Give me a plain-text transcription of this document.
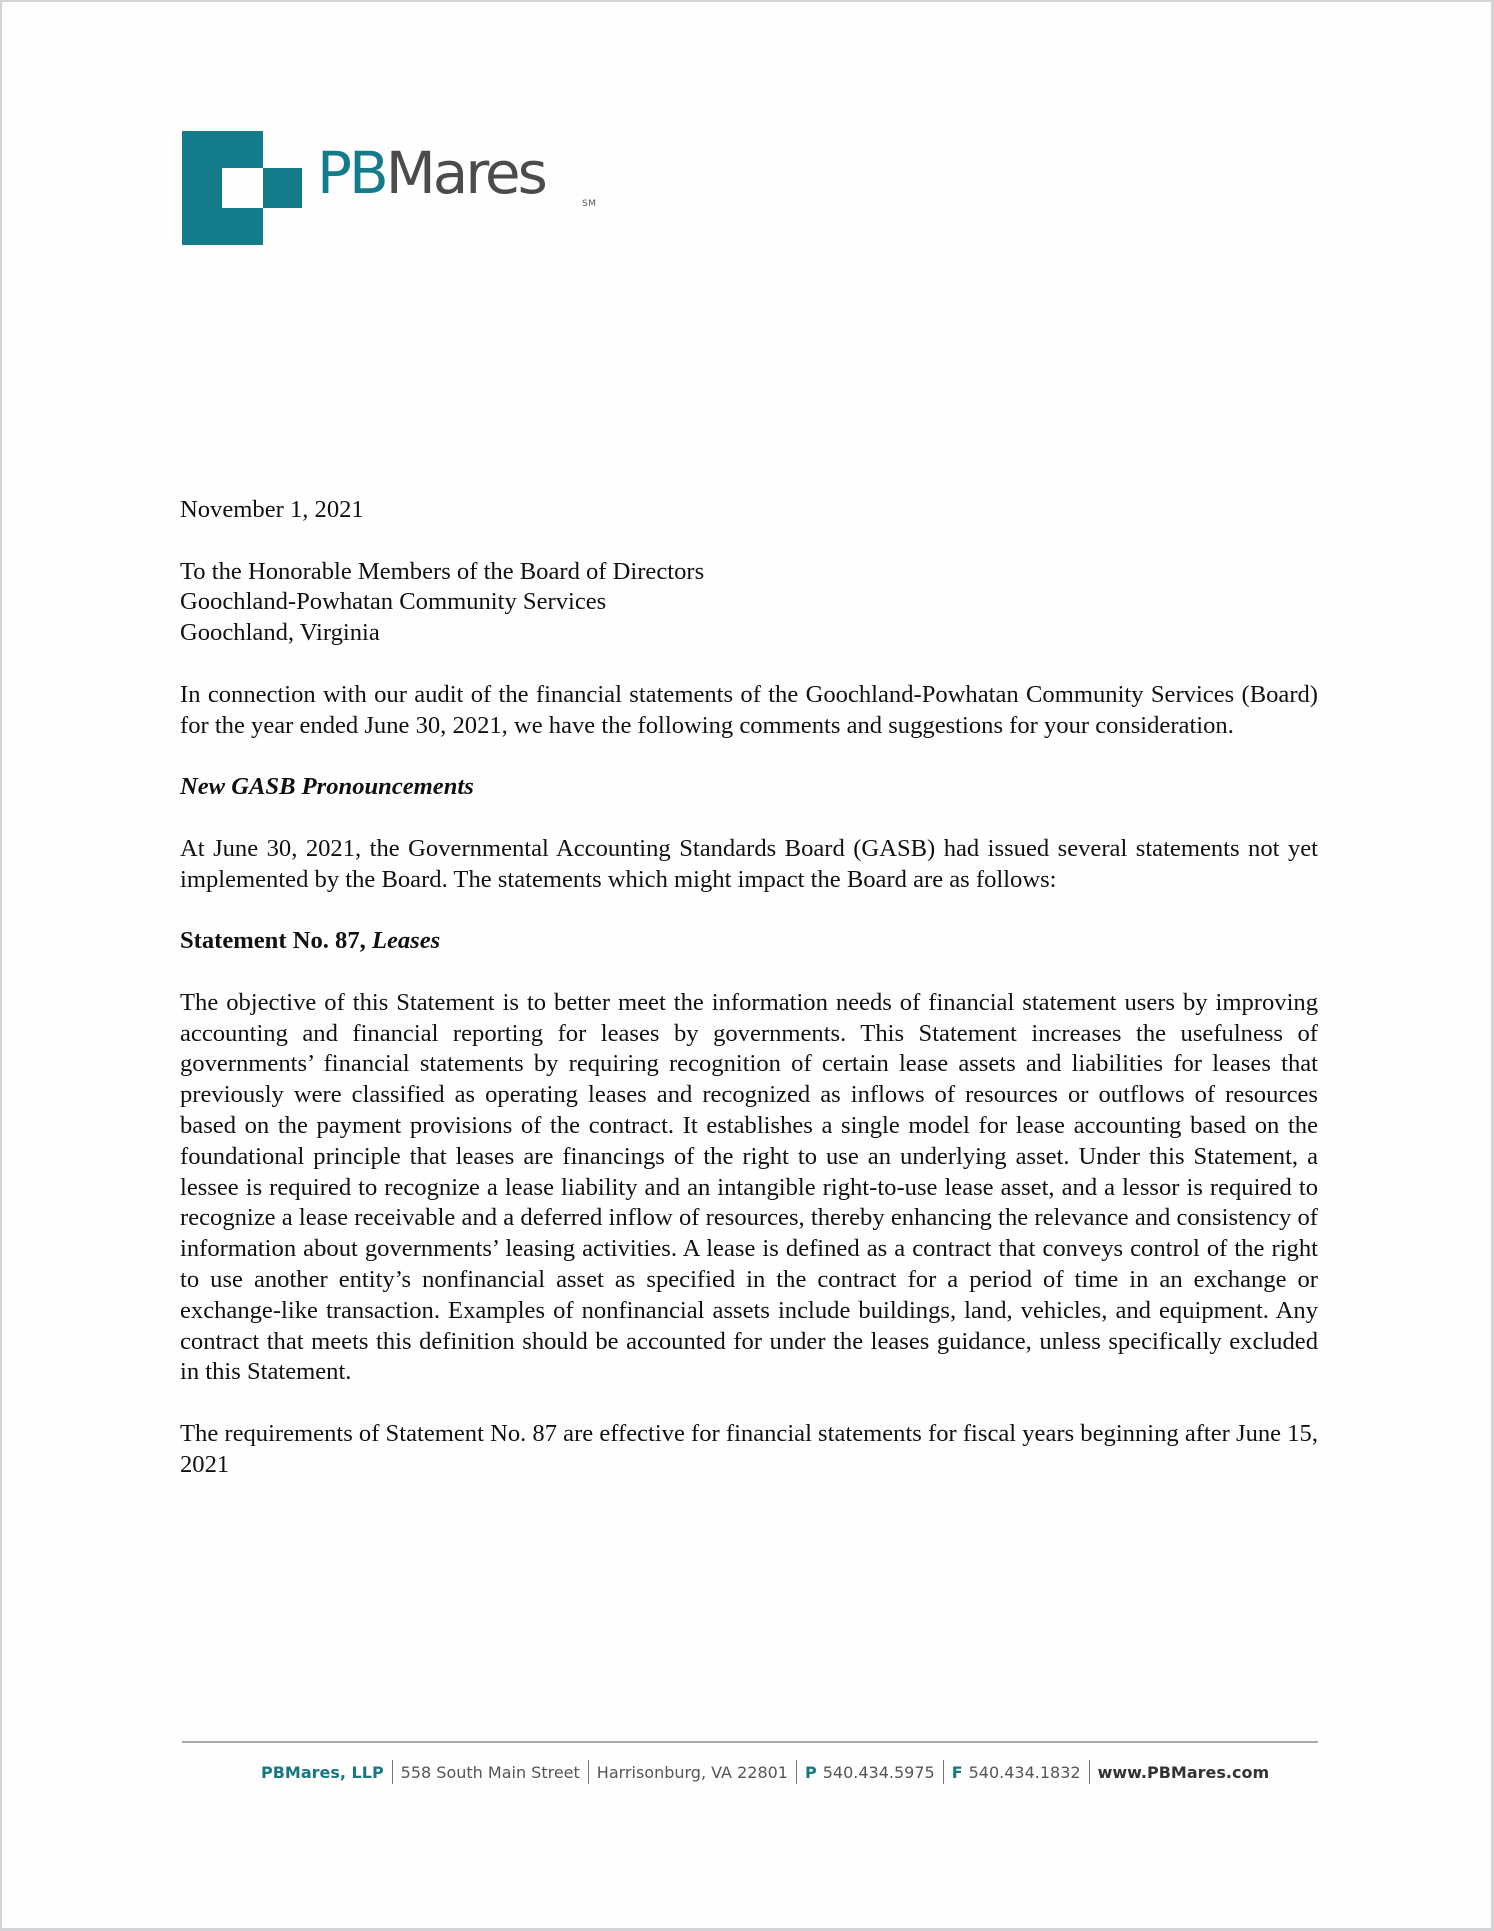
PBMares	SM

November 1, 2021

To the Honorable Members of the Board of Directors
Goochland-Powhatan Community Services
Goochland, Virginia

In connection with our audit of the financial statements of the Goochland-Powhatan Community Services (Board) for the year ended June 30, 2021, we have the following comments and suggestions for your consideration.

New GASB Pronouncements

At June 30, 2021, the Governmental Accounting Standards Board (GASB) had issued several statements not yet implemented by the Board. The statements which might impact the Board are as follows:

Statement No. 87, Leases

The objective of this Statement is to better meet the information needs of financial statement users by improving accounting and financial reporting for leases by governments. This Statement increases the usefulness of governments’ financial statements by requiring recognition of certain lease assets and liabilities for leases that previously were classified as operating leases and recognized as inflows of resources or outflows of resources based on the payment provisions of the contract. It establishes a single model for lease accounting based on the foundational principle that leases are financings of the right to use an underlying asset. Under this Statement, a lessee is required to recognize a lease liability and an intangible right-to-use lease asset, and a lessor is required to recognize a lease receivable and a deferred inflow of resources, thereby enhancing the relevance and consistency of information about governments’ leasing activities. A lease is defined as a contract that conveys control of the right to use another entity’s nonfinancial asset as specified in the contract for a period of time in an exchange or exchange-like transaction. Examples of nonfinancial assets include buildings, land, vehicles, and equipment. Any contract that meets this definition should be accounted for under the leases guidance, unless specifically excluded in this Statement.

The requirements of Statement No. 87 are effective for financial statements for fiscal years beginning after June 15, 2021

PBMares, LLP 558 South Main Street Harrisonburg, VA 22801 P 540.434.5975 F 540.434.1832 www.PBMares.com
